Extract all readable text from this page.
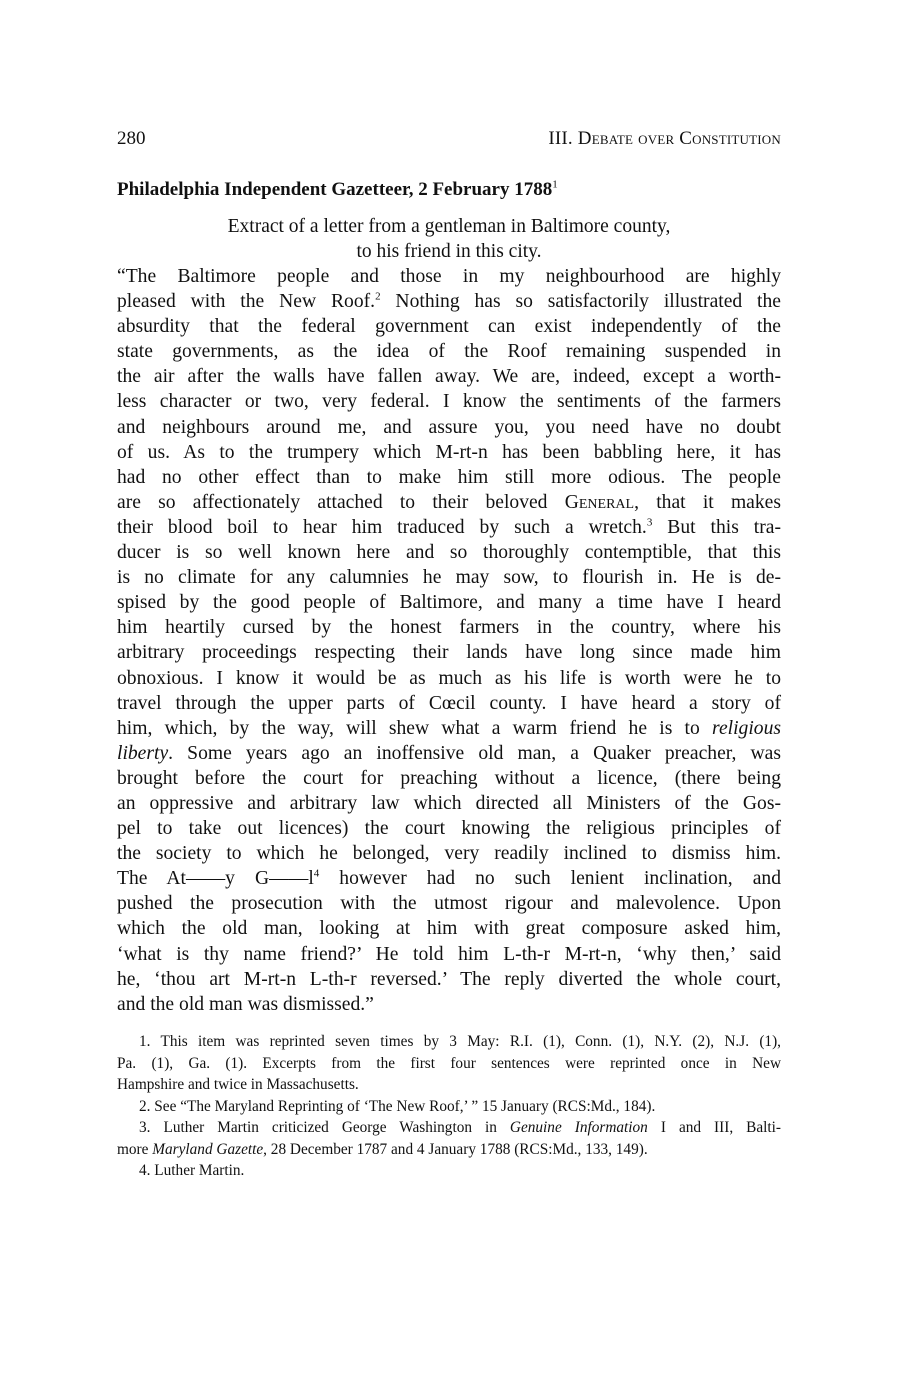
280	III. Debate over Constitution
Philadelphia Independent Gazetteer, 2 February 1788$^1$
Extract of a letter from a gentleman in Baltimore county,
to his friend in this city.
“The Baltimore people and those in my neighbourhood are highly
pleased with the New Roof.$^2$ Nothing has so satisfactorily illustrated the
absurdity that the federal government can exist independently of the
state governments, as the idea of the Roof remaining suspended in
the air after the walls have fallen away. We are, indeed, except a worth-
less character or two, very federal. I know the sentiments of the farmers
and neighbours around me, and assure you, you need have no doubt
of us. As to the trumpery which M-rt-n has been babbling here, it has
had no other effect than to make him still more odious. The people
are so affectionately attached to their beloved General, that it makes
their blood boil to hear him traduced by such a wretch.$^3$ But this tra-
ducer is so well known here and so thoroughly contemptible, that this
is no climate for any calumnies he may sow, to flourish in. He is de-
spised by the good people of Baltimore, and many a time have I heard
him heartily cursed by the honest farmers in the country, where his
arbitrary proceedings respecting their lands have long since made him
obnoxious. I know it would be as much as his life is worth were he to
travel through the upper parts of Cœcil county. I have heard a story of
him, which, by the way, will shew what a warm friend he is to religious
liberty. Some years ago an inoffensive old man, a Quaker preacher, was
brought before the court for preaching without a licence, (there being
an oppressive and arbitrary law which directed all Ministers of the Gos-
pel to take out licences) the court knowing the religious principles of
the society to which he belonged, very readily inclined to dismiss him.
The At——y $G——l^4$ however had no such lenient inclination, and
pushed the prosecution with the utmost rigour and malevolence. Upon
which the old man, looking at him with great composure asked him,
‘what is thy name friend?’ He told him L-th-r M-rt-n, ‘why then,’ said
he, ‘thou art M-rt-n L-th-r reversed.’ The reply diverted the whole court,
and the old man was dismissed.”
1. This item was reprinted seven times by 3 May: R.I. (1), Conn. (1), N.Y. (2), N.J. (1),
Pa. (1), Ga. (1). Excerpts from the first four sentences were reprinted once in New
Hampshire and twice in Massachusetts.
2. See “The Maryland Reprinting of ‘The New Roof,’ ” 15 January (RCS:Md., 184).
3. Luther Martin criticized George Washington in Genuine Information I and III, Balti-
more Maryland Gazette, 28 December 1787 and 4 January 1788 (RCS:Md., 133, 149).
4. Luther Martin.
